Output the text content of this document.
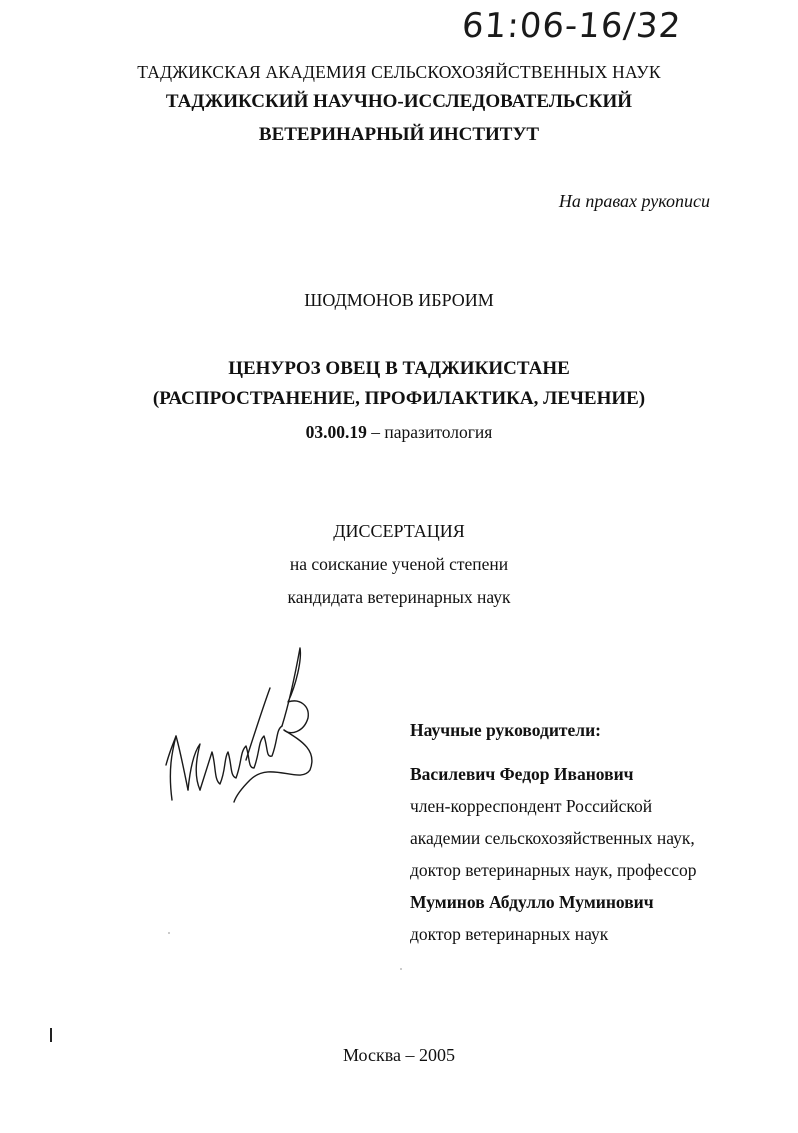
61:06-16/32
ТАДЖИКСКАЯ АКАДЕМИЯ СЕЛЬСКОХОЗЯЙСТВЕННЫХ НАУК
ТАДЖИКСКИЙ НАУЧНО-ИССЛЕДОВАТЕЛЬСКИЙ
ВЕТЕРИНАРНЫЙ ИНСТИТУТ
На правах рукописи
ШОДМОНОВ ИБРОИМ
ЦЕНУРОЗ ОВЕЦ В ТАДЖИКИСТАНЕ
(РАСПРОСТРАНЕНИЕ, ПРОФИЛАКТИКА, ЛЕЧЕНИЕ)
03.00.19 – паразитология
ДИССЕРТАЦИЯ
на соискание ученой степени
кандидата ветеринарных наук
Научные руководители:
Василевич Федор Иванович
член-корреспондент Российской
академии сельскохозяйственных наук,
доктор ветеринарных наук, профессор
Муминов Абдулло Муминович
доктор ветеринарных наук
Москва – 2005
